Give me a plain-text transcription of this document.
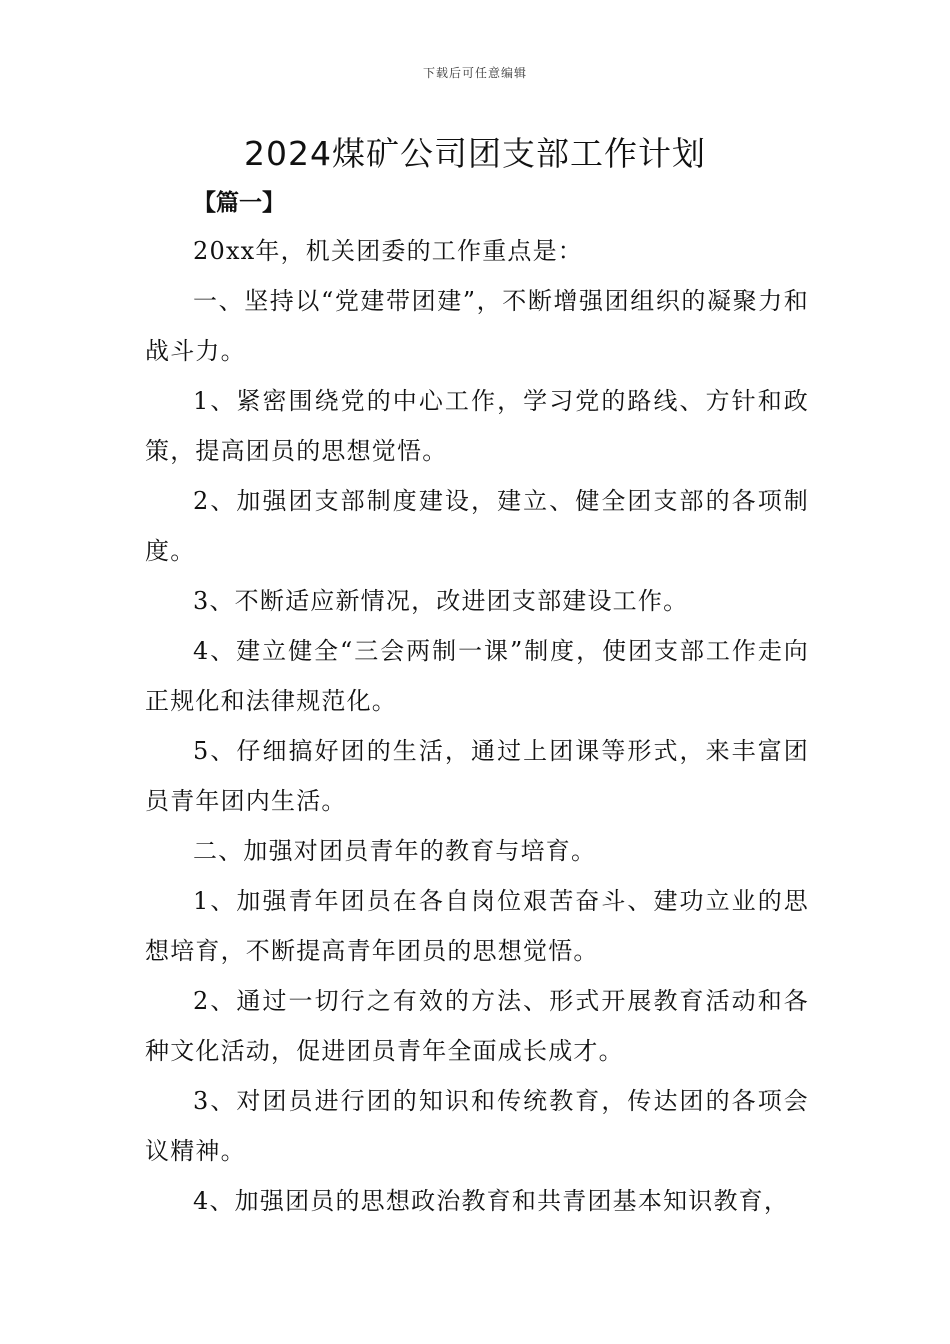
下载后可任意编辑
2024煤矿公司团支部工作计划
【篇一】

20xx年，机关团委的工作重点是：

一、坚持以“党建带团建”，不断增强团组织的凝聚力和战斗力。

1、紧密围绕党的中心工作，学习党的路线、方针和政策，提高团员的思想觉悟。

2、加强团支部制度建设，建立、健全团支部的各项制度。

3、不断适应新情况，改进团支部建设工作。

4、建立健全“三会两制一课”制度，使团支部工作走向正规化和法律规范化。

5、仔细搞好团的生活，通过上团课等形式，来丰富团员青年团内生活。

二、加强对团员青年的教育与培育。

1、加强青年团员在各自岗位艰苦奋斗、建功立业的思想培育，不断提高青年团员的思想觉悟。

2、通过一切行之有效的方法、形式开展教育活动和各种文化活动，促进团员青年全面成长成才。

3、对团员进行团的知识和传统教育，传达团的各项会议精神。

4、加强团员的思想政治教育和共青团基本知识教育，
